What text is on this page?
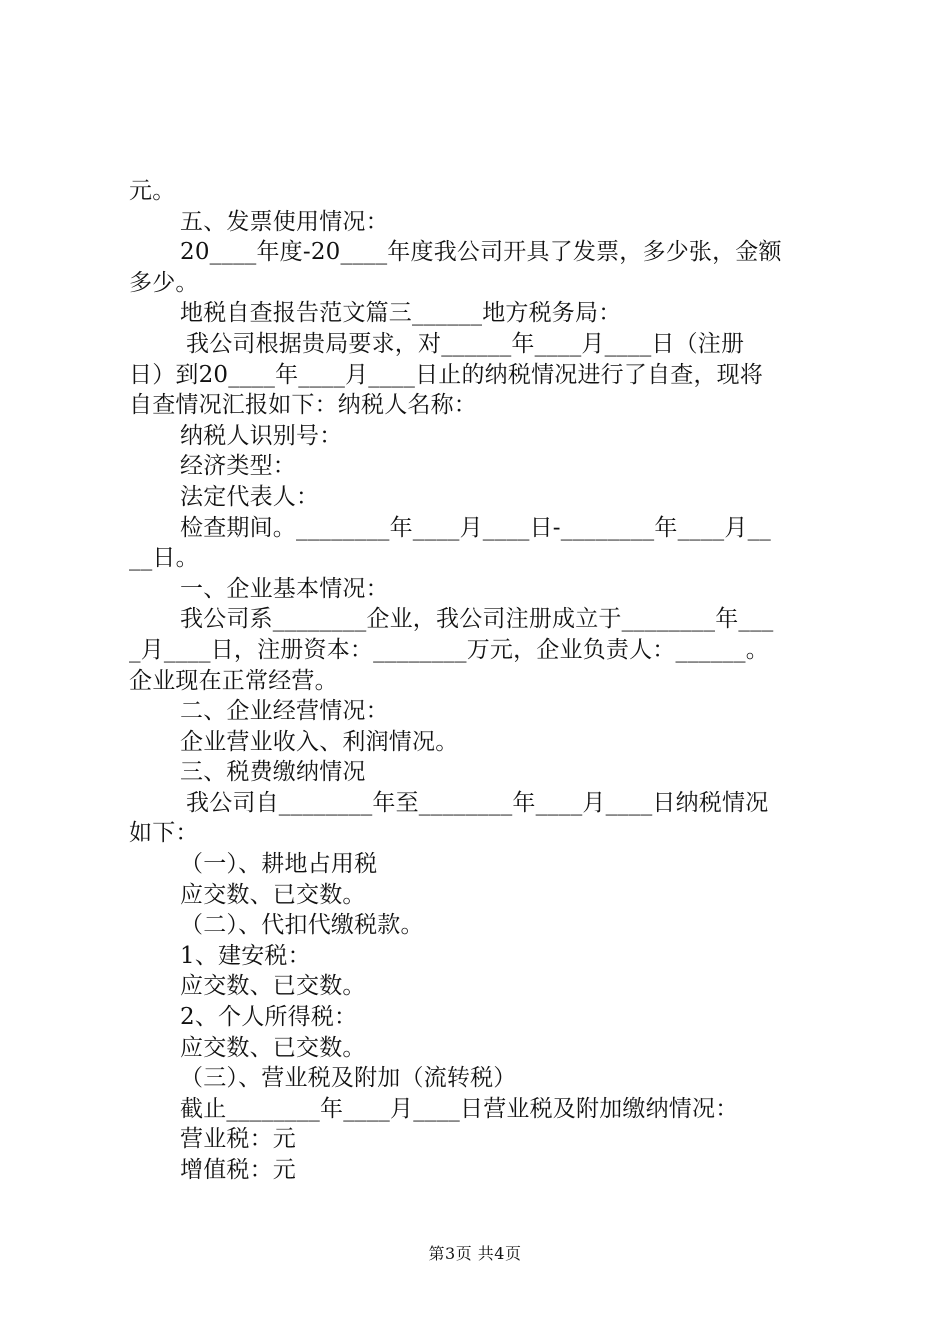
元。
五、发票使用情况：
20____年度-20____年度我公司开具了发票，多少张，金额
多少。
地税自查报告范文篇三______地方税务局：
我公司根据贵局要求，对______年____月____日（注册
日）到20____年____月____日止的纳税情况进行了自查，现将
自查情况汇报如下：纳税人名称：
纳税人识别号：
经济类型：
法定代表人：
检查期间。________年____月____日-________年____月__
__日。
一、企业基本情况：
我公司系________企业，我公司注册成立于________年___
_月____日，注册资本：________万元，企业负责人：______。
企业现在正常经营。
二、企业经营情况：
企业营业收入、利润情况。
三、税费缴纳情况
我公司自________年至________年____月____日纳税情况
如下：
（一）、耕地占用税
应交数、已交数。
（二）、代扣代缴税款。
1、建安税：
应交数、已交数。
2、个人所得税：
应交数、已交数。
（三）、营业税及附加（流转税）
截止________年____月____日营业税及附加缴纳情况：
营业税：元
增值税：元
第3页 共4页
